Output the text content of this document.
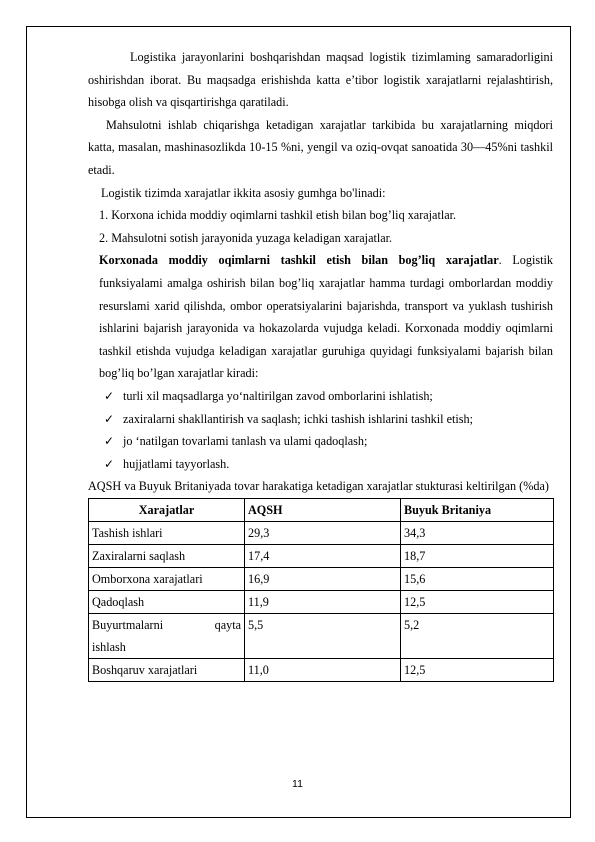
Logistika jarayonlarini boshqarishdan maqsad logistik tizimlaming samaradorligini oshirishdan iborat. Bu maqsadga erishishda katta e’tibor logistik xarajatlarni rejalashtirish, hisobga olish va qisqartirishga qaratiladi.

Mahsulotni ishlab chiqarishga ketadigan xarajatlar tarkibida bu xarajatlarning miqdori katta, masalan, mashinasozlikda 10-15 %ni, yengil va oziq-ovqat sanoatida 30—45%ni tashkil etadi.

Logistik tizimda xarajatlar ikkita asosiy gumhga bo'linadi:

1. Korxona ichida moddiy oqimlarni tashkil etish bilan bog’liq xarajatlar.

2. Mahsulotni sotish jarayonida yuzaga keladigan xarajatlar.

Korxonada moddiy oqimlarni tashkil etish bilan bog’liq xarajatlar. Logistik funksiyalami amalga oshirish bilan bog’liq xarajatlar hamma turdagi omborlardan moddiy resurslami xarid qilishda, ombor operatsiyalarini bajarishda, transport va yuklash tushirish ishlarini bajarish jarayonida va hokazolarda vujudga keladi. Korxonada moddiy oqimlarni tashkil etishda vujudga keladigan xarajatlar guruhiga quyidagi funksiyalami bajarish bilan bog’liq bo’lgan xarajatlar kiradi:

✓ turli xil maqsadlarga yo‘naltirilgan zavod omborlarini ishlatish;
✓ zaxiralarni shakllantirish va saqlash; ichki tashish ishlarini tashkil etish;
✓ jo ‘natilgan tovarlami tanlash va ulami qadoqlash;
✓ hujjatlami tayyorlash.

AQSH va Buyuk Britaniyada tovar harakatiga ketadigan xarajatlar stukturasi keltirilgan (%da)

Xarajatlar	AQSH	Buyuk Britaniya
Tashish ishlari	29,3	34,3
Zaxiralarni saqlash	17,4	18,7
Omborxona xarajatlari	16,9	15,6
Qadoqlash	11,9	12,5

Buyurtmalarni qayta
ishlash	5,5	5,2
Boshqaruv xarajatlari	11,0	12,5
11
